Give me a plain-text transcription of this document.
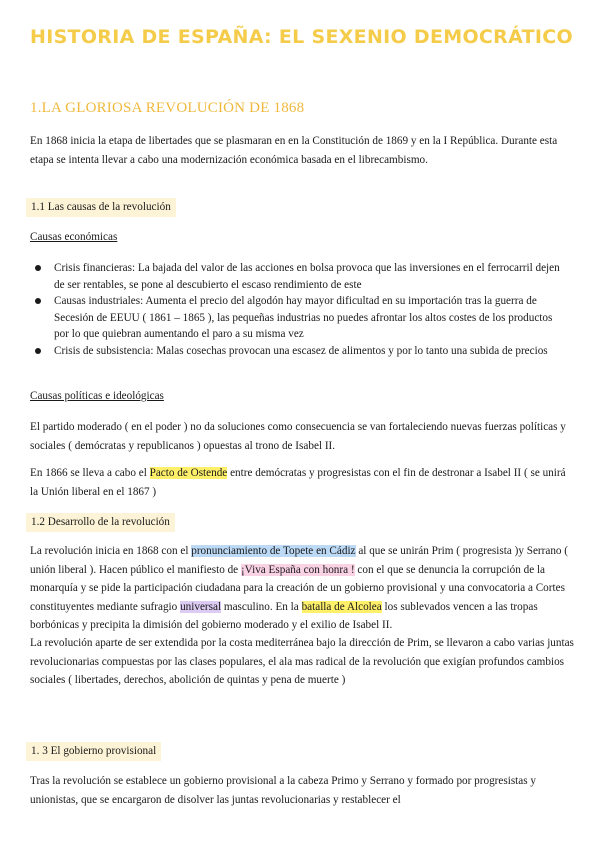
HISTORIA DE ESPAÑA: EL SEXENIO DEMOCRÁTICO
1.LA GLORIOSA REVOLUCIÓN DE 1868

En 1868 inicia la etapa de libertades que se plasmaran en en la Constitución de 1869 y en la I República. Durante esta etapa se intenta llevar a cabo una modernización económica basada en el librecambismo.

1.1 Las causas de la revolución
Causas económicas
Crisis financieras: La bajada del valor de las acciones en bolsa provoca que las inversiones en el ferrocarril dejen de ser rentables, se pone al descubierto el escaso rendimiento de este
Causas industriales: Aumenta el precio del algodón hay mayor dificultad en su importación tras la guerra de Secesión de EEUU ( 1861 – 1865 ), las pequeñas industrias no puedes afrontar los altos costes de los productos por lo que quiebran aumentando el paro a su misma vez
Crisis de subsistencia: Malas cosechas provocan una escasez de alimentos y por lo tanto una subida de precios
Causas políticas e ideológicas

El partido moderado ( en el poder ) no da soluciones como consecuencia se van fortaleciendo nuevas fuerzas políticas y sociales ( demócratas y republicanos ) opuestas al trono de Isabel II.

En 1866 se lleva a cabo el Pacto de Ostende entre demócratas y progresistas con el fin de destronar a Isabel II ( se unirá la Unión liberal en el 1867 )

1.2 Desarrollo de la revolución

La revolución inicia en 1868 con el pronunciamiento de Topete en Cádiz al que se unirán Prim ( progresista )y Serrano ( unión liberal ). Hacen público el manifiesto de ¡Viva España con honra ! con el que se denuncia la corrupción de la monarquía y se pide la participación ciudadana para la creación de un gobierno provisional y una convocatoria a Cortes constituyentes mediante sufragio universal masculino. En la batalla de Alcolea los sublevados vencen a las tropas borbónicas y precipita la dimisión del gobierno moderado y el exilio de Isabel II.

La revolución aparte de ser extendida por la costa mediterránea bajo la dirección de Prim, se llevaron a cabo varias juntas revolucionarias compuestas por las clases populares, el ala mas radical de la revolución que exigían profundos cambios sociales ( libertades, derechos, abolición de quintas y pena de muerte )

1. 3 El gobierno provisional

Tras la revolución se establece un gobierno provisional a la cabeza Primo y Serrano y formado por progresistas y unionistas, que se encargaron de disolver las juntas revolucionarias y restablecer el
